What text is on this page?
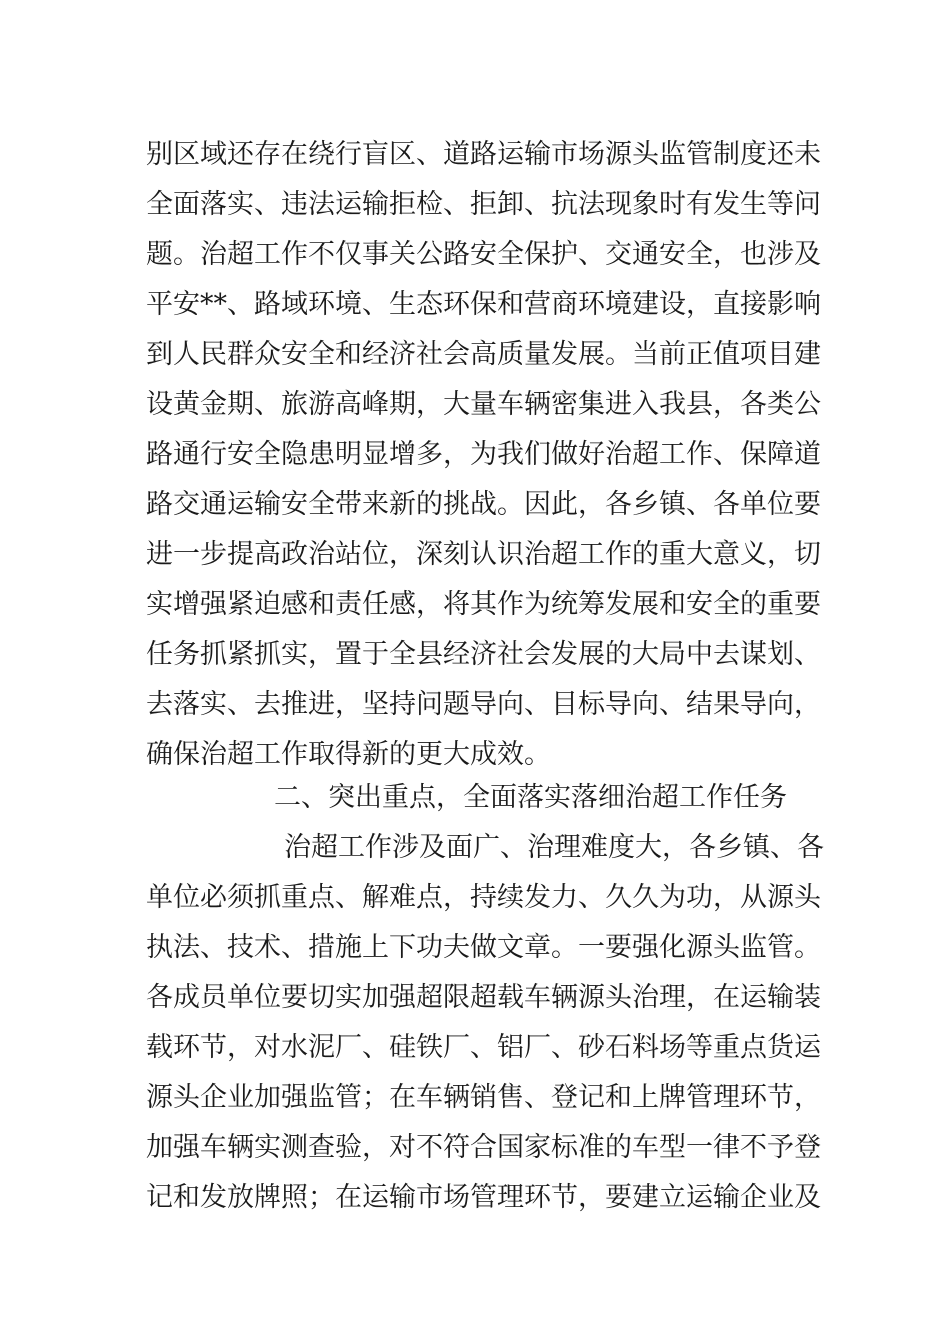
别区域还存在绕行盲区、道路运输市场源头监管制度还未
全面落实、违法运输拒检、拒卸、抗法现象时有发生等问
题。治超工作不仅事关公路安全保护、交通安全，也涉及
平安**、路域环境、生态环保和营商环境建设，直接影响
到人民群众安全和经济社会高质量发展。当前正值项目建
设黄金期、旅游高峰期，大量车辆密集进入我县，各类公
路通行安全隐患明显增多，为我们做好治超工作、保障道
路交通运输安全带来新的挑战。因此，各乡镇、各单位要
进一步提高政治站位，深刻认识治超工作的重大意义，切
实增强紧迫感和责任感，将其作为统筹发展和安全的重要
任务抓紧抓实，置于全县经济社会发展的大局中去谋划、
去落实、去推进，坚持问题导向、目标导向、结果导向，
确保治超工作取得新的更大成效。
二、突出重点，全面落实落细治超工作任务
治超工作涉及面广、治理难度大，各乡镇、各
单位必须抓重点、解难点，持续发力、久久为功，从源头
执法、技术、措施上下功夫做文章。一要强化源头监管。
各成员单位要切实加强超限超载车辆源头治理，在运输装
载环节，对水泥厂、硅铁厂、铝厂、砂石料场等重点货运
源头企业加强监管；在车辆销售、登记和上牌管理环节，
加强车辆实测查验，对不符合国家标准的车型一律不予登
记和发放牌照；在运输市场管理环节，要建立运输企业及
